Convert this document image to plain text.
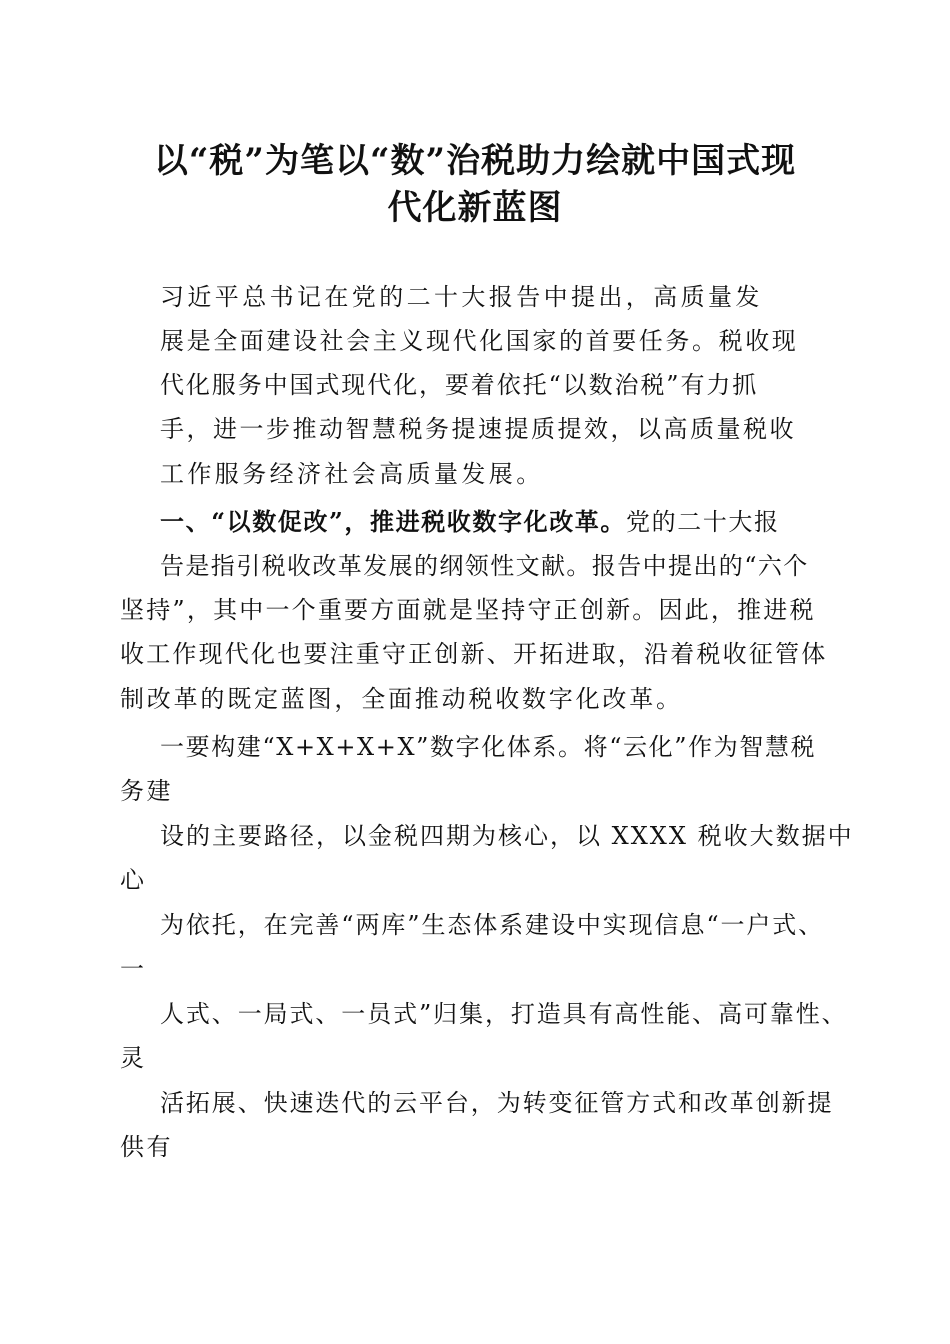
以“税”为笔以“数”治税助力绘就中国式现
代化新蓝图

习近平总书记在党的二十大报告中提出，高质量发

展是全面建设社会主义现代化国家的首要任务。税收现

代化服务中国式现代化，要着依托“以数治税”有力抓

手，进一步推动智慧税务提速提质提效，以高质量税收

工作服务经济社会高质量发展。

一、“以数促改”，推进税收数字化改革。党的二十大报

告是指引税收改革发展的纲领性文献。报告中提出的“六个

坚持”，其中一个重要方面就是坚持守正创新。因此，推进税

收工作现代化也要注重守正创新、开拓进取，沿着税收征管体

制改革的既定蓝图，全面推动税收数字化改革。

一要构建“X+X+X+X”数字化体系。将“云化”作为智慧税

务建

设的主要路径，以金税四期为核心，以 XXXX 税收大数据中

心

为依托，在完善“两库”生态体系建设中实现信息“一户式、

一

人式、一局式、一员式”归集，打造具有高性能、高可靠性、

灵

活拓展、快速迭代的云平台，为转变征管方式和改革创新提

供有
